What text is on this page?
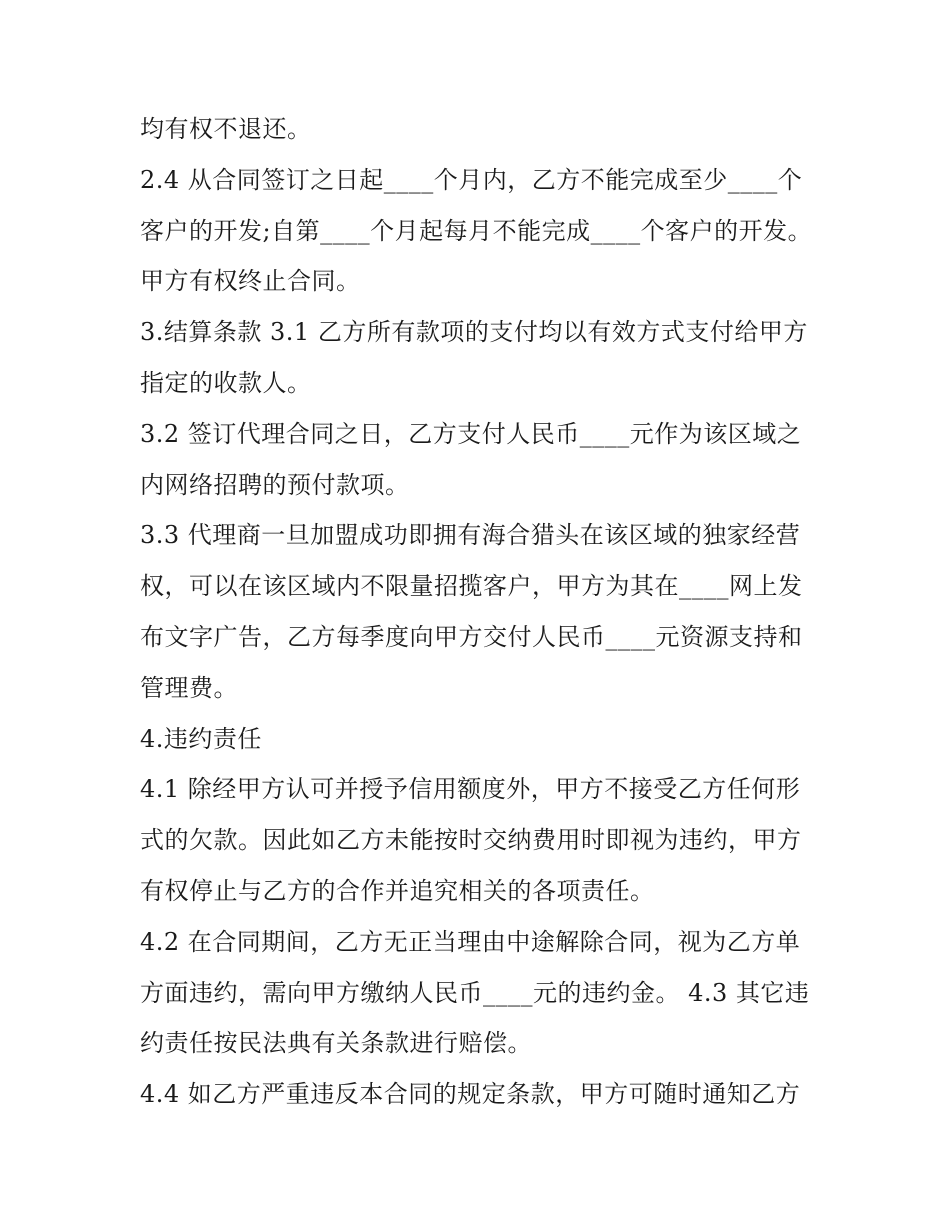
均有权不退还。
2.4 从合同签订之日起____个月内，乙方不能完成至少____个
客户的开发;自第____个月起每月不能完成____个客户的开发。
甲方有权终止合同。
3.结算条款 3.1 乙方所有款项的支付均以有效方式支付给甲方
指定的收款人。
3.2 签订代理合同之日，乙方支付人民币____元作为该区域之
内网络招聘的预付款项。
3.3 代理商一旦加盟成功即拥有海合猎头在该区域的独家经营
权，可以在该区域内不限量招揽客户，甲方为其在____网上发
布文字广告，乙方每季度向甲方交付人民币____元资源支持和
管理费。
4.违约责任
4.1 除经甲方认可并授予信用额度外，甲方不接受乙方任何形
式的欠款。因此如乙方未能按时交纳费用时即视为违约，甲方
有权停止与乙方的合作并追究相关的各项责任。
4.2 在合同期间，乙方无正当理由中途解除合同，视为乙方单
方面违约，需向甲方缴纳人民币____元的违约金。 4.3 其它违
约责任按民法典有关条款进行赔偿。
4.4 如乙方严重违反本合同的规定条款，甲方可随时通知乙方
